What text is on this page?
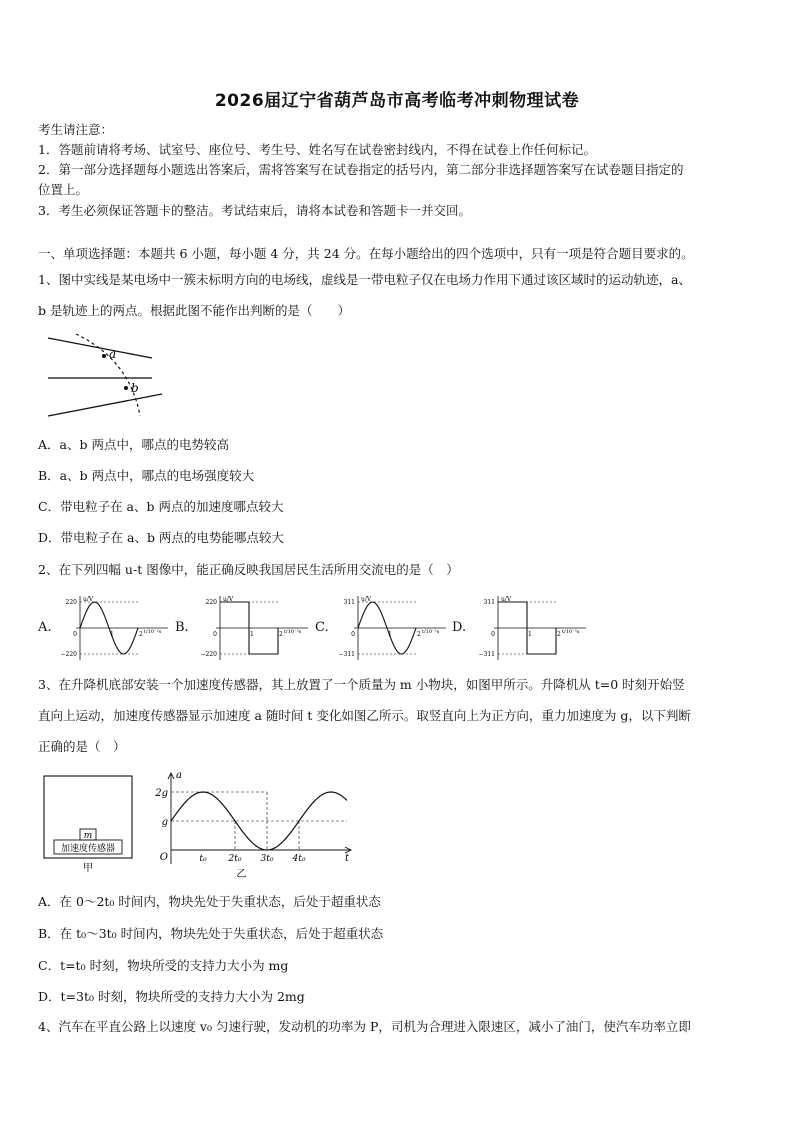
2026届辽宁省葫芦岛市高考临考冲刺物理试卷
考生请注意：
1．答题前请将考场、试室号、座位号、考生号、姓名写在试卷密封线内，不得在试卷上作任何标记。
2．第一部分选择题每小题选出答案后，需将答案写在试卷指定的括号内，第二部分非选择题答案写在试卷题目指定的
位置上。
3．考生必须保证答题卡的整洁。考试结束后，请将本试卷和答题卡一并交回。
一、单项选择题：本题共 6 小题，每小题 4 分，共 24 分。在每小题给出的四个选项中，只有一项是符合题目要求的。
1、图中实线是某电场中一簇未标明方向的电场线，虚线是一带电粒子仅在电场力作用下通过该区域时的运动轨迹，a、
b 是轨迹上的两点。根据此图不能作出判断的是（　　）
a
b
A．a、b 两点中，哪点的电势较高
B．a、b 两点中，哪点的电场强度较大
C．带电粒子在 a、b 两点的加速度哪点较大
D．带电粒子在 a、b 两点的电势能哪点较大
2、在下列四幅 u-t 图像中，能正确反映我国居民生活所用交流电的是（　）
A.	B.	C.	D.
u/V
220
−220
0	1	2 t/10⁻²s
u/V
220
−220
0	1	2 t/10⁻²s
u/V
311
−311
0	1	2 t/10⁻²s
u/V
311
−311
0	1	2 t/10⁻²s
3、在升降机底部安装一个加速度传感器，其上放置了一个质量为 m 小物块，如图甲所示。升降机从 t=0 时刻开始竖
直向上运动，加速度传感器显示加速度 a 随时间 t 变化如图乙所示。取竖直向上为正方向，重力加速度为 g，以下判断
正确的是（　）
m
加速度传感器
甲
a
2g
g
O	t₀ 2t₀ 3t₀ 4t₀	t
乙
A．在 0～2t₀ 时间内，物块先处于失重状态，后处于超重状态
B．在 t₀～3t₀ 时间内，物块先处于失重状态，后处于超重状态
C．t=t₀ 时刻，物块所受的支持力大小为 mg
D．t=3t₀ 时刻，物块所受的支持力大小为 2mg
4、汽车在平直公路上以速度 v₀ 匀速行驶，发动机的功率为 P，司机为合理进入限速区，减小了油门，使汽车功率立即
